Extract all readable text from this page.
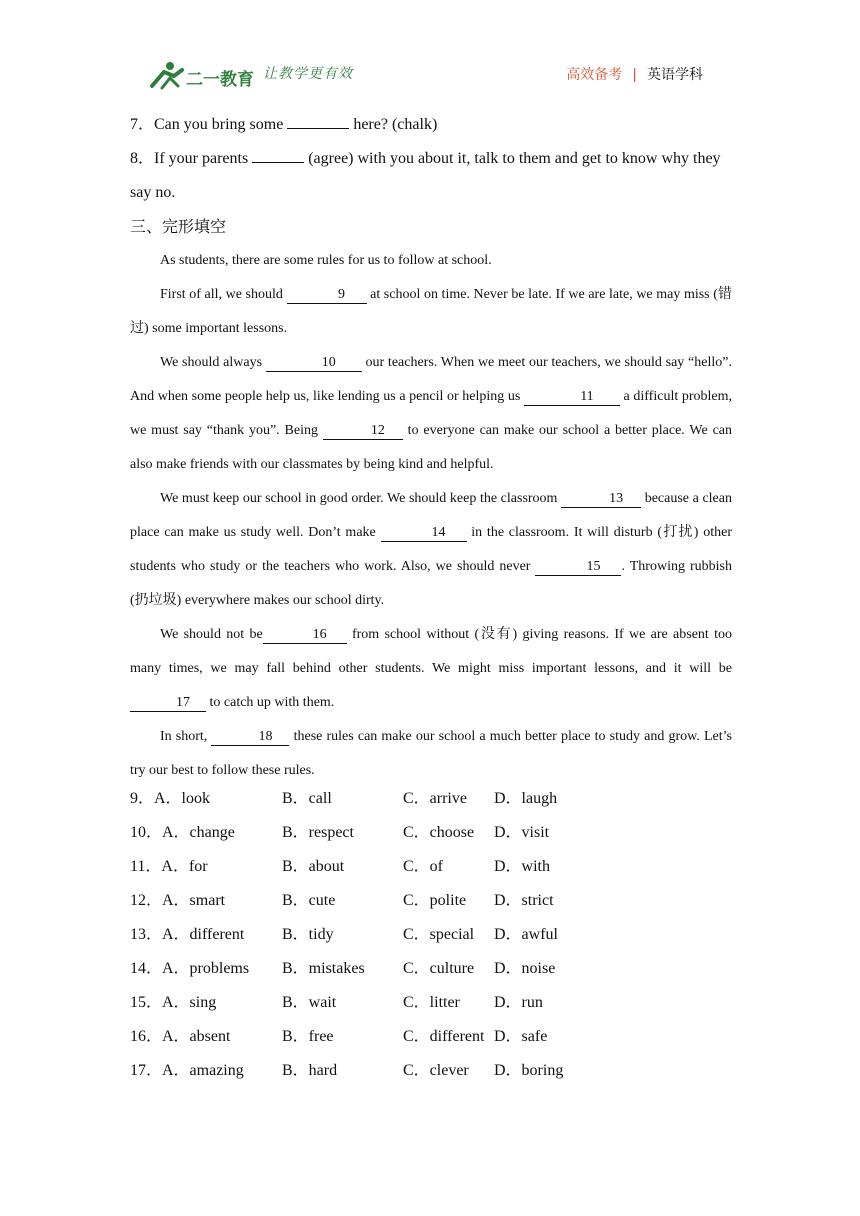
二一教育 让教学更有效	高效备考 | 英语学科
7．Can you bring some	here? (chalk)
8．If your parents	(agree) with you about it, talk to them and get to know why they say no.
三、完形填空
As students, there are some rules for us to follow at school.
First of all, we should	9 at school on time. Never be late. If we are late, we may miss (错过) some important lessons.
We should always	10 our teachers. When we meet our teachers, we should say “hello”. And when some people help us, like lending us a pencil or helping us	11 a difficult problem, we must say “thank you”. Being	12 to everyone can make our school a better place. We can also make friends with our classmates by being kind and helpful.
We must keep our school in good order. We should keep the classroom	13 because a clean place can make us study well. Don’t make	14 in the classroom. It will disturb (打扰) other students who study or the teachers who work. Also, we should never	15 . Throwing rubbish (扔垃圾) everywhere makes our school dirty.
We should not be	16 from school without (没有) giving reasons. If we are absent too many times, we may fall behind other students. We might miss important lessons, and it will be 17 to catch up with them.
In short,	18 these rules can make our school a much better place to study and grow. Let’s try our best to follow these rules.
9．A．look	B．call	C．arrive D．laugh
10．A．change	B．respect	C．choose D．visit
11．A．for	B．about	C．of	D．with
12．A．smart	B．cute	C．polite D．strict
13．A．different B．tidy	C．special D．awful
14．A．problems B．mistakes C．culture D．noise
15．A．sing	B．wait	C．litter D．run
16．A．absent	B．free	C．different D．safe
17．A．amazing B．hard	C．clever D．boring
